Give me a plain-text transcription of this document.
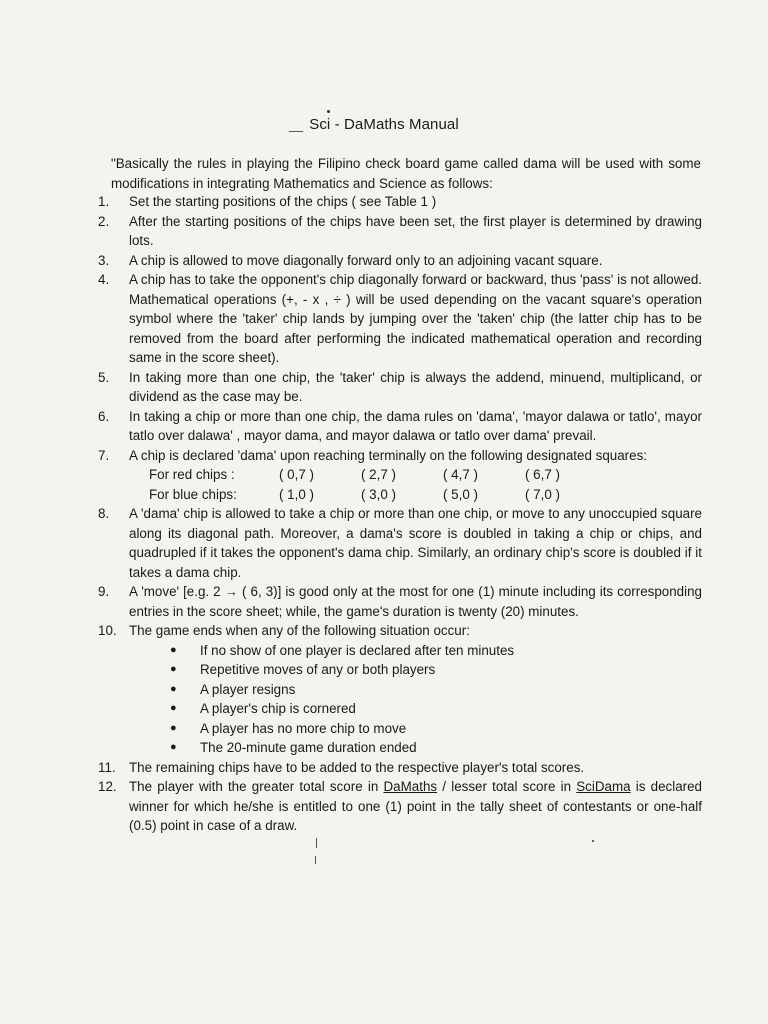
Sci - DaMaths Manual
"Basically the rules in playing the Filipino check board game called dama will be used with some modifications in integrating Mathematics and Science as follows:
1.	Set the starting positions of the chips ( see Table 1 )
2.	After the starting positions of the chips have been set, the first player is determined by drawing lots.
3.	A chip is allowed to move diagonally forward only to an adjoining vacant square.
4.	A chip has to take the opponent's chip diagonally forward or backward, thus 'pass' is not allowed. Mathematical operations (+, - x , ÷ ) will be used depending on the vacant square's operation symbol where the 'taker' chip lands by jumping over the 'taken' chip (the latter chip has to be removed from the board after performing the indicated mathematical operation and recording same in the score sheet).
5.	In taking more than one chip, the 'taker' chip is always the addend, minuend, multiplicand, or dividend as the case may be.
6.	In taking a chip or more than one chip, the dama rules on 'dama', 'mayor dalawa or tatlo', mayor tatlo over dalawa' , mayor dama, and mayor dalawa or tatlo over dama' prevail.
7.	A chip is declared 'dama' upon reaching terminally on the following designated squares:
For red chips :	( 0,7 )	( 2,7 )	( 4,7 )	( 6,7 )
For blue chips:	( 1,0 )	( 3,0 )	( 5,0 )	( 7,0 )
8.	A 'dama' chip is allowed to take a chip or more than one chip, or move to any unoccupied square along its diagonal path. Moreover, a dama's score is doubled in taking a chip or chips, and quadrupled if it takes the opponent's dama chip. Similarly, an ordinary chip's score is doubled if it takes a dama chip.
9.	A 'move' [e.g. 2 → ( 6, 3)] is good only at the most for one (1) minute including its corresponding entries in the score sheet; while, the game's duration is twenty (20) minutes.
10. The game ends when any of the following situation occur:
●	If no show of one player is declared after ten minutes
●	Repetitive moves of any or both players
●	A player resigns
●	A player's chip is cornered
●	A player has no more chip to move
●	The 20-minute game duration ended
11. The remaining chips have to be added to the respective player's total scores.
12. The player with the greater total score in DaMaths / lesser total score in SciDama is declared winner for which he/she is entitled to one (1) point in the tally sheet of contestants or one-half (0.5) point in case of a draw.
